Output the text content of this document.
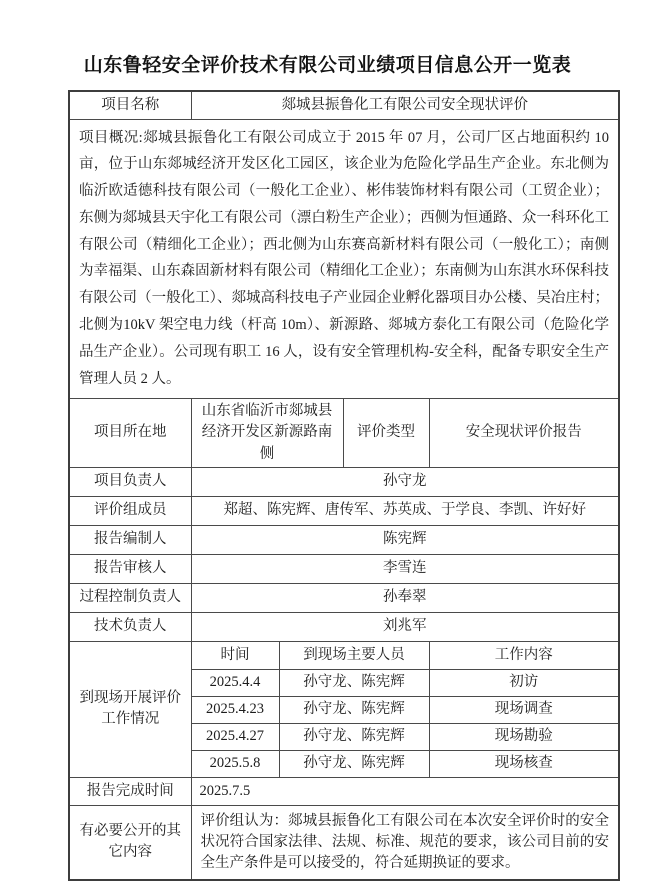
山东鲁轻安全评价技术有限公司业绩项目信息公开一览表
项目名称	郯城县振鲁化工有限公司安全现状评价			
项目概况:郯城县振鲁化工有限公司成立于 2015 年 07 月，公司厂区占地面积约 10 亩，位于山东郯城经济开发区化工园区，该企业为危险化学品生产企业。东北侧为临沂欧适德科技有限公司（一般化工企业）、彬伟装饰材料有限公司（工贸企业）；东侧为郯城县天宇化工有限公司（漂白粉生产企业）；西侧为恒通路、众一科环化工有限公司（精细化工企业）；西北侧为山东赛高新材料有限公司（一般化工）；南侧为幸福渠、山东森固新材料有限公司（精细化工企业）；东南侧为山东淇水环保科技有限公司（一般化工）、郯城高科技电子产业园企业孵化器项目办公楼、吴冶庄村；北侧为10kV 架空电力线（杆高 10m）、新源路、郯城方泰化工有限公司（危险化学品生产企业）。公司现有职工 16 人，设有安全管理机构-安全科，配备专职安全生产管理人员 2 人。				
项目所在地	山东省临沂市郯城县经济开发区新源路南侧		评价类型	安全现状评价报告
项目负责人	孙守龙			
评价组成员	郑超、陈宪辉、唐传军、苏英成、于学良、李凯、许好好			
报告编制人	陈宪辉			
报告审核人	李雪连			
过程控制负责人	孙奉翠			
技术负责人	刘兆军			
到现场开展评价工作情况	时间	到现场主要人员		工作内容
	2025.4.4	孙守龙、陈宪辉		初访
	2025.4.23	孙守龙、陈宪辉		现场调查
	2025.4.27	孙守龙、陈宪辉		现场勘验
	2025.5.8	孙守龙、陈宪辉		现场核查
报告完成时间	2025.7.5			
有必要公开的其它内容	评价组认为：郯城县振鲁化工有限公司在本次安全评价时的安全状况符合国家法律、法规、标准、规范的要求，该公司目前的安全生产条件是可以接受的，符合延期换证的要求。			
